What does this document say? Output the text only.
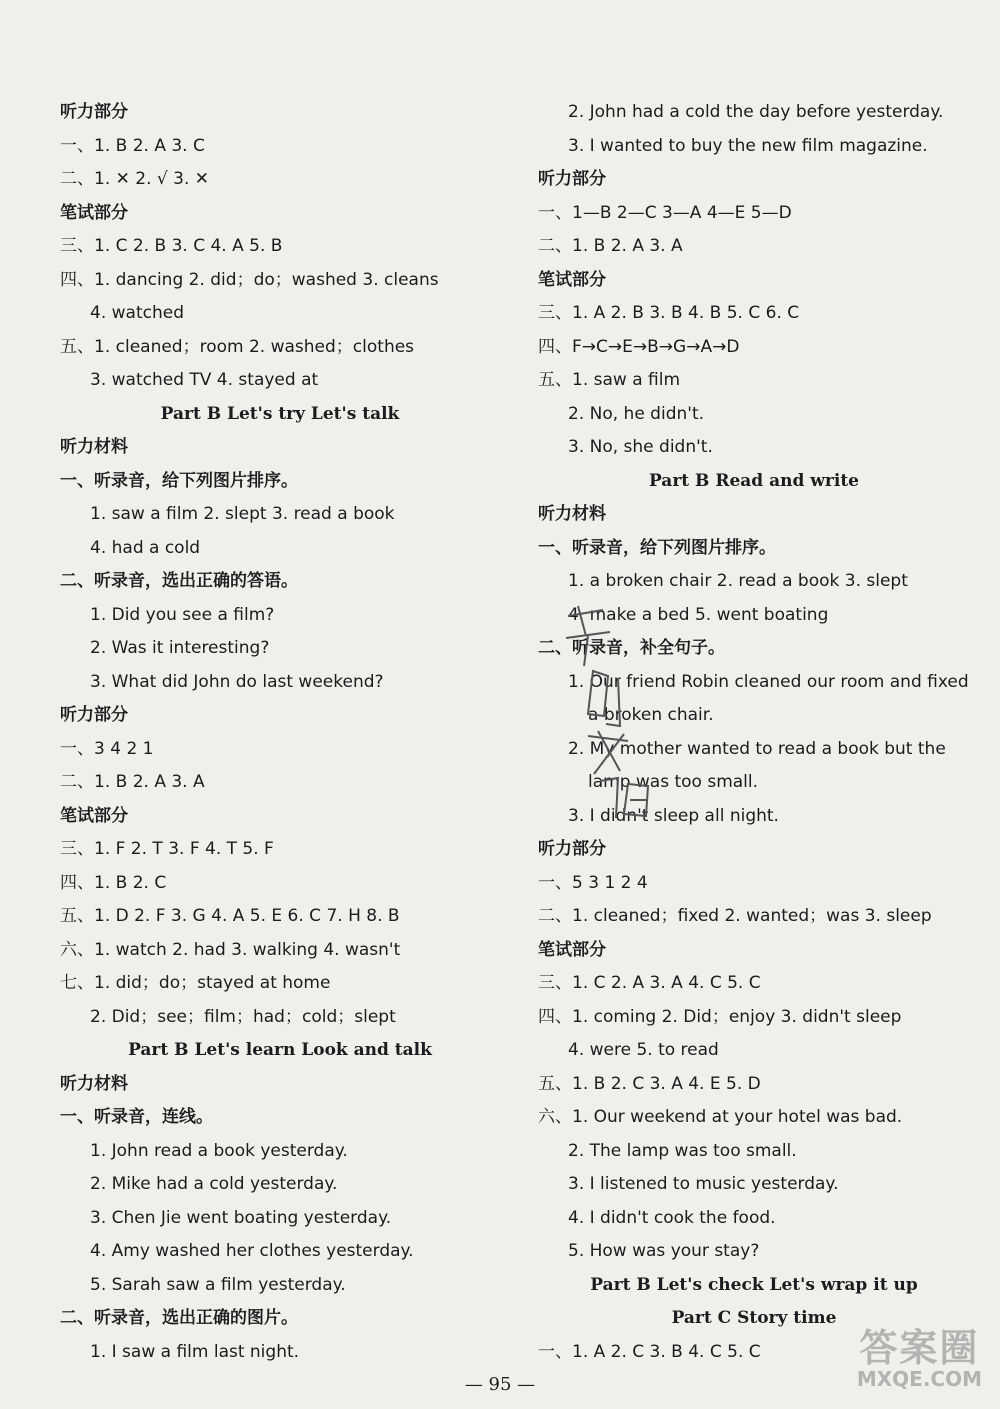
听力部分
一、1. B 2. A 3. C
二、1. ✕ 2. √ 3. ✕
笔试部分
三、1. C 2. B 3. C 4. A 5. B
四、1. dancing 2. did；do；washed 3. cleans
4. watched
五、1. cleaned；room 2. washed；clothes
3. watched TV 4. stayed at
Part B Let's try Let's talk
听力材料
一、听录音，给下列图片排序。
1. saw a film 2. slept 3. read a book
4. had a cold
二、听录音，选出正确的答语。
1. Did you see a film?
2. Was it interesting?
3. What did John do last weekend?
听力部分
一、3 4 2 1
二、1. B 2. A 3. A
笔试部分
三、1. F 2. T 3. F 4. T 5. F
四、1. B 2. C
五、1. D 2. F 3. G 4. A 5. E 6. C 7. H 8. B
六、1. watch 2. had 3. walking 4. wasn't
七、1. did；do；stayed at home
2. Did；see；film；had；cold；slept
Part B Let's learn Look and talk
听力材料
一、听录音，连线。
1. John read a book yesterday.
2. Mike had a cold yesterday.
3. Chen Jie went boating yesterday.
4. Amy washed her clothes yesterday.
5. Sarah saw a film yesterday.
二、听录音，选出正确的图片。
1. I saw a film last night.
2. John had a cold the day before yesterday.
3. I wanted to buy the new film magazine.
听力部分
一、1—B 2—C 3—A 4—E 5—D
二、1. B 2. A 3. A
笔试部分
三、1. A 2. B 3. B 4. B 5. C 6. C
四、F→C→E→B→G→A→D
五、1. saw a film
2. No, he didn't.
3. No, she didn't.
Part B Read and write
听力材料
一、听录音，给下列图片排序。
1. a broken chair 2. read a book 3. slept
4. make a bed 5. went boating
二、听录音，补全句子。
1. Our friend Robin cleaned our room and fixed
a broken chair.
2. My mother wanted to read a book but the
lamp was too small.
3. I didn't sleep all night.
听力部分
一、5 3 1 2 4
二、1. cleaned；fixed 2. wanted；was 3. sleep
笔试部分
三、1. C 2. A 3. A 4. C 5. C
四、1. coming 2. Did；enjoy 3. didn't sleep
4. were 5. to read
五、1. B 2. C 3. A 4. E 5. D
六、1. Our weekend at your hotel was bad.
2. The lamp was too small.
3. I listened to music yesterday.
4. I didn't cook the food.
5. How was your stay?
Part B Let's check Let's wrap it up
Part C Story time
一、1. A 2. C 3. B 4. C 5. C
— 95 —
答案圈
MXQE.COM
